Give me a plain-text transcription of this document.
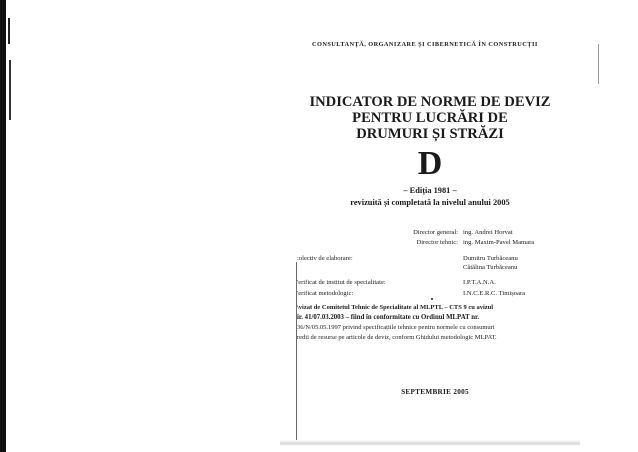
CONSULTANȚĂ, ORGANIZARE ȘI CIBERNETICĂ ÎN CONSTRUCȚII
INDICATOR DE NORME DE DEVIZ
PENTRU LUCRĂRI DE
DRUMURI ȘI STRĂZI
D
– Ediția 1981 –
revizuită și completată la nivelul anului 2005
Director general: ing. Andrei Horvat
Director tehnic: ing. Maxim-Pavel Mamara
:olectiv de elaborare:	Dumitru Turbăceanu
Cătălina Turbăceanu
'erificat de institut de specialitate:	I.P.T.A.N.A.
'erificat metodologic:	I.N.C.E.R.C. Timișoara
\vizat de Comitetul Tehnic de Specialitate al MLPTL – CTS 9 cu avizul
ir. 41/07.03.2003 – fiind în conformitate cu Ordinul MLPAT nr.
36/N/05.05.1997 privind specificațiile tehnice pentru normele cu consumuri
redii de resurse pe articole de deviz, conform Ghidului metodologic MLPAT.
SEPTEMBRIE 2005
